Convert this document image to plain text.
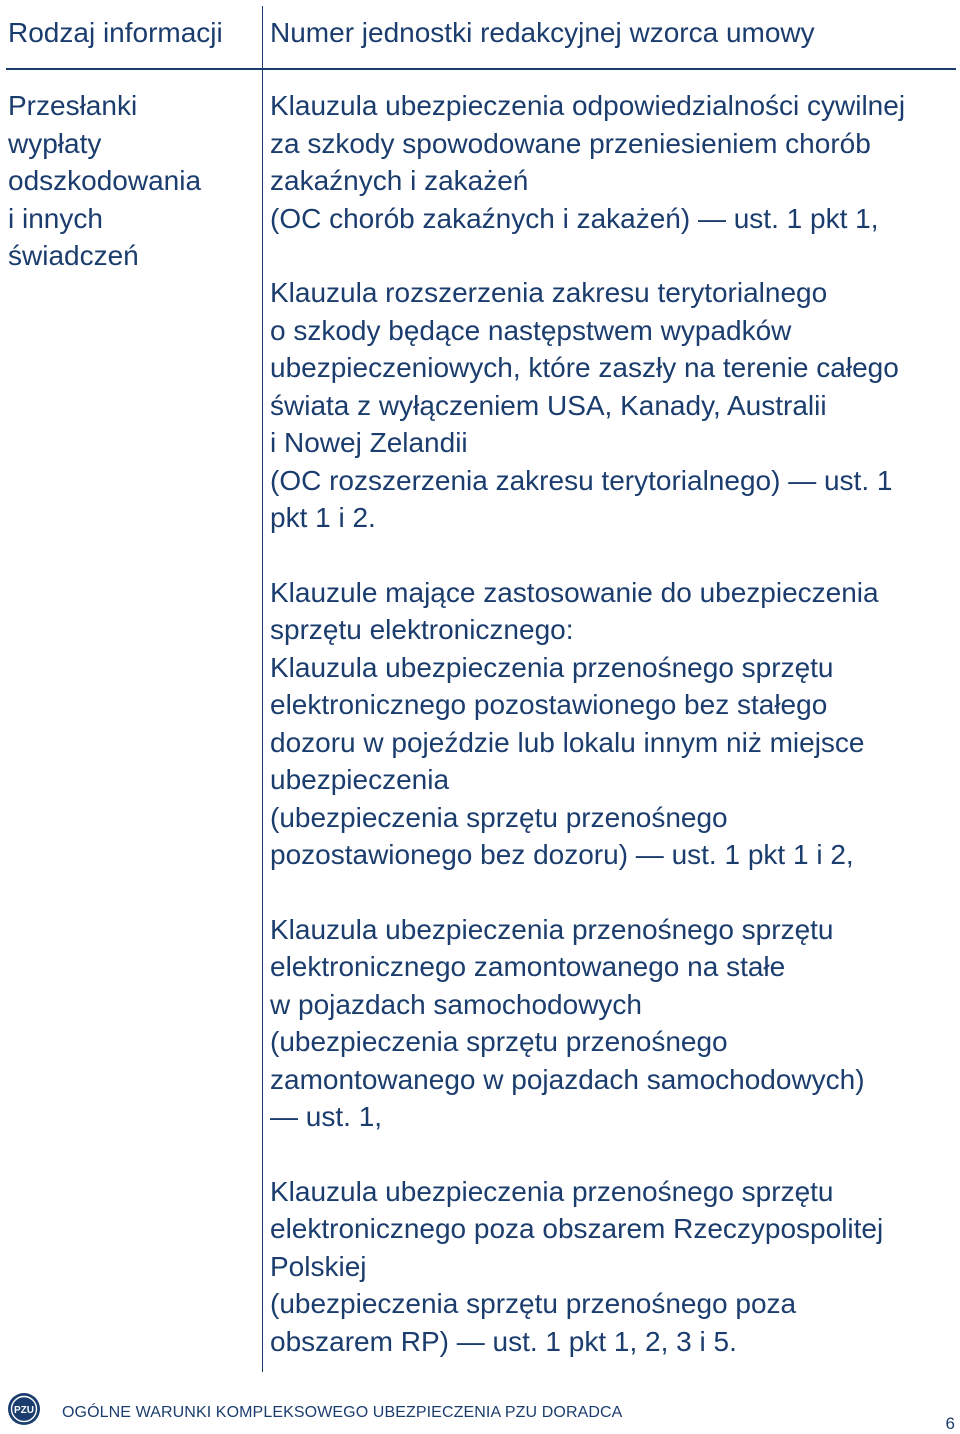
Rodzaj informacji Numer jednostki redakcyjnej wzorca umowy
Przesłanki
wypłaty
odszkodowania
i innych
świadczeń
Klauzula ubezpieczenia odpowiedzialności cywilnej
za szkody spowodowane przeniesieniem chorób
zakaźnych i zakażeń
(OC chorób zakaźnych i zakażeń) — ust. 1 pkt 1,
Klauzula rozszerzenia zakresu terytorialnego
o szkody będące następstwem wypadków
ubezpieczeniowych, które zaszły na terenie całego
świata z wyłączeniem USA, Kanady, Australii
i Nowej Zelandii
(OC rozszerzenia zakresu terytorialnego) — ust. 1
pkt 1 i 2.
Klauzule mające zastosowanie do ubezpieczenia
sprzętu elektronicznego:
Klauzula ubezpieczenia przenośnego sprzętu
elektronicznego pozostawionego bez stałego
dozoru w pojeździe lub lokalu innym niż miejsce
ubezpieczenia
(ubezpieczenia sprzętu przenośnego
pozostawionego bez dozoru) — ust. 1 pkt 1 i 2,
Klauzula ubezpieczenia przenośnego sprzętu
elektronicznego zamontowanego na stałe
w pojazdach samochodowych
(ubezpieczenia sprzętu przenośnego
zamontowanego w pojazdach samochodowych)
— ust. 1,
Klauzula ubezpieczenia przenośnego sprzętu
elektronicznego poza obszarem Rzeczypospolitej
Polskiej
(ubezpieczenia sprzętu przenośnego poza
obszarem RP) — ust. 1 pkt 1, 2, 3 i 5.
PZU OGÓLNE WARUNKI KOMPLEKSOWEGO UBEZPIECZENIA PZU DORADCA
6
